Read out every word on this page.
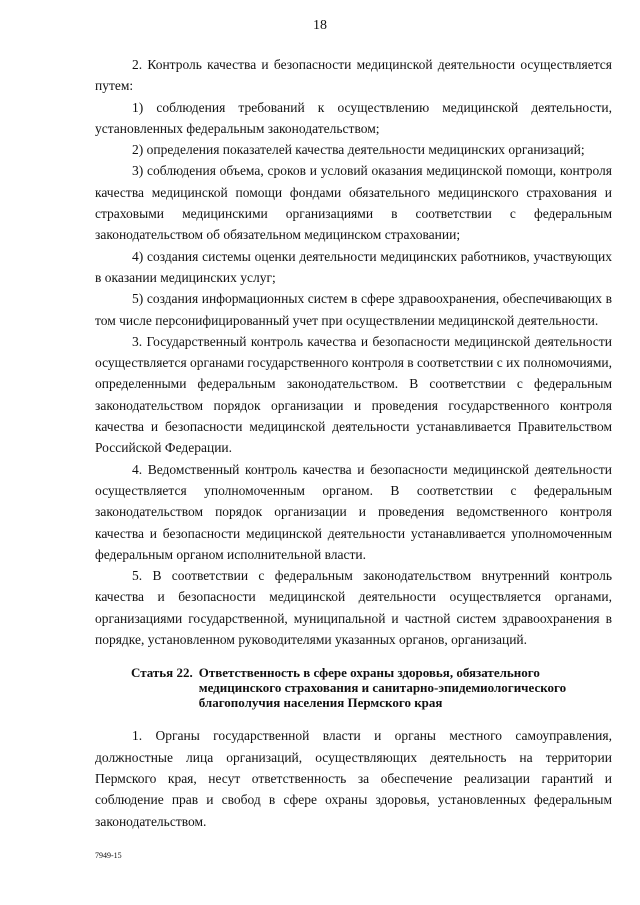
18

2. Контроль качества и безопасности медицинской деятельности осуществляется путем:

1) соблюдения требований к осуществлению медицинской деятельности, установленных федеральным законодательством;

2) определения показателей качества деятельности медицинских организаций;

3) соблюдения объема, сроков и условий оказания медицинской помощи, контроля качества медицинской помощи фондами обязательного медицинского страхования и страховыми медицинскими организациями в соответствии с федеральным законодательством об обязательном медицинском страховании;

4) создания системы оценки деятельности медицинских работников, участвующих в оказании медицинских услуг;

5) создания информационных систем в сфере здравоохранения, обеспечивающих в том числе персонифицированный учет при осуществлении медицинской деятельности.

3. Государственный контроль качества и безопасности медицинской деятельности осуществляется органами государственного контроля в соответствии с их полномочиями, определенными федеральным законодательством. В соответствии с федеральным законодательством порядок организации и проведения государственного контроля качества и безопасности медицинской деятельности устанавливается Правительством Российской Федерации.

4. Ведомственный контроль качества и безопасности медицинской деятельности осуществляется уполномоченным органом. В соответствии с федеральным законодательством порядок организации и проведения ведомственного контроля качества и безопасности медицинской деятельности устанавливается уполномоченным федеральным органом исполнительной власти.

5. В соответствии с федеральным законодательством внутренний контроль качества и безопасности медицинской деятельности осуществляется органами, организациями государственной, муниципальной и частной систем здравоохранения в порядке, установленном руководителями указанных органов, организаций.

Статья 22. Ответственность в сфере охраны здоровья, обязательного медицинского страхования и санитарно-эпидемиологического благополучия населения Пермского края

1. Органы государственной власти и органы местного самоуправления, должностные лица организаций, осуществляющих деятельность на территории Пермского края, несут ответственность за обеспечение реализации гарантий и соблюдение прав и свобод в сфере охраны здоровья, установленных федеральным законодательством.

7949-15
